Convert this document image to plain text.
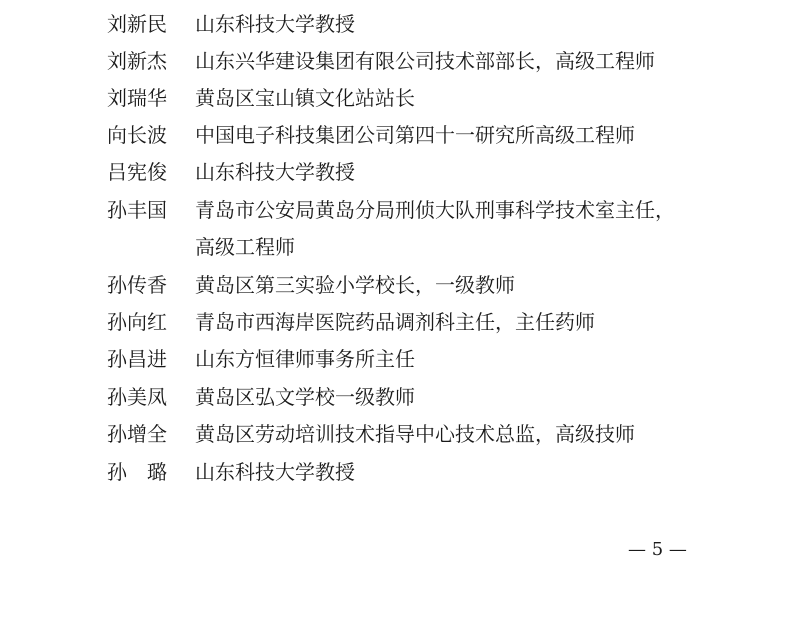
刘新民 山东科技大学教授
刘新杰 山东兴华建设集团有限公司技术部部长，高级工程师
刘瑞华 黄岛区宝山镇文化站站长
向长波 中国电子科技集团公司第四十一研究所高级工程师
吕宪俊 山东科技大学教授
孙丰国 青岛市公安局黄岛分局刑侦大队刑事科学技术室主任，
高级工程师
孙传香 黄岛区第三实验小学校长，一级教师
孙向红 青岛市西海岸医院药品调剂科主任，主任药师
孙昌进 山东方恒律师事务所主任
孙美凤 黄岛区弘文学校一级教师
孙增全 黄岛区劳动培训技术指导中心技术总监，高级技师
孙　璐 山东科技大学教授
— 5 —
